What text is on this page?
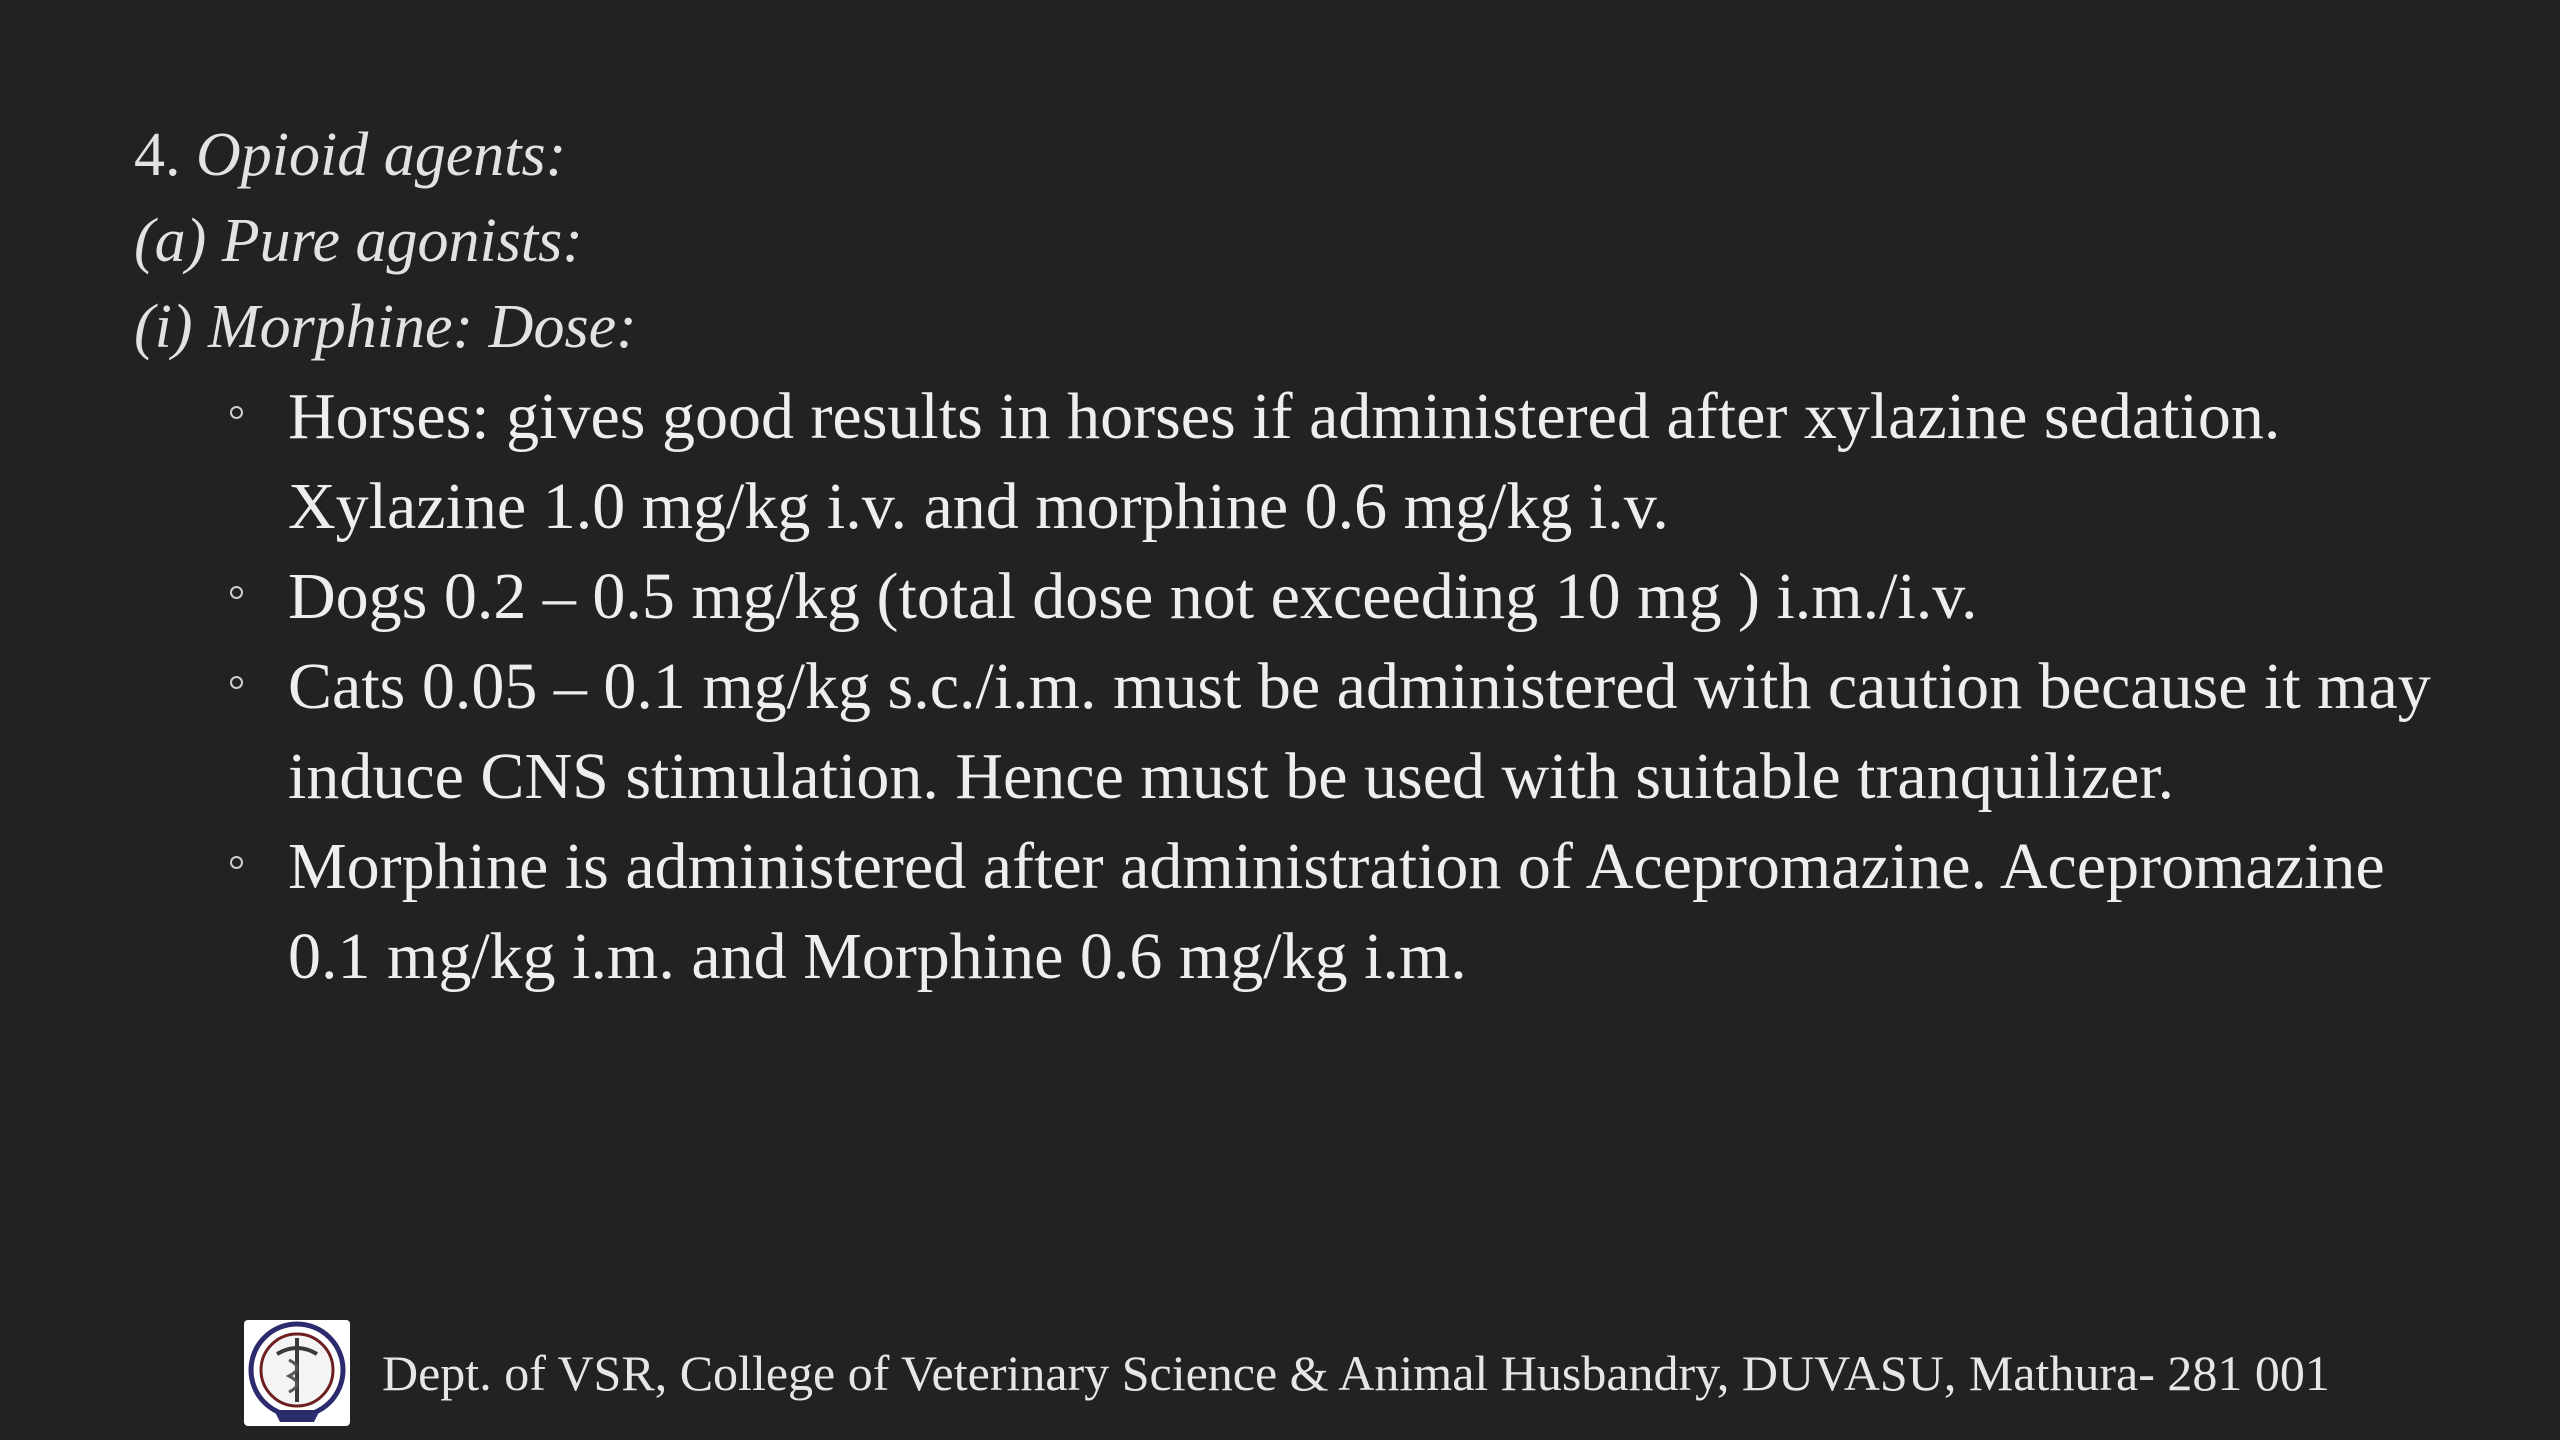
4. Opioid agents:
(a) Pure agonists:
(i) Morphine: Dose:
Horses: gives good results in horses if administered after xylazine sedation. Xylazine 1.0 mg/kg i.v. and morphine 0.6 mg/kg i.v.
Dogs 0.2 – 0.5 mg/kg (total dose not exceeding 10 mg ) i.m./i.v.
Cats 0.05 – 0.1 mg/kg s.c./i.m. must be administered with caution because it may induce CNS stimulation. Hence must be used with suitable tranquilizer.
Morphine is administered after administration of Acepromazine. Acepromazine 0.1 mg/kg i.m. and Morphine 0.6 mg/kg i.m.
Dept. of VSR, College of Veterinary Science & Animal Husbandry, DUVASU, Mathura- 281 001
